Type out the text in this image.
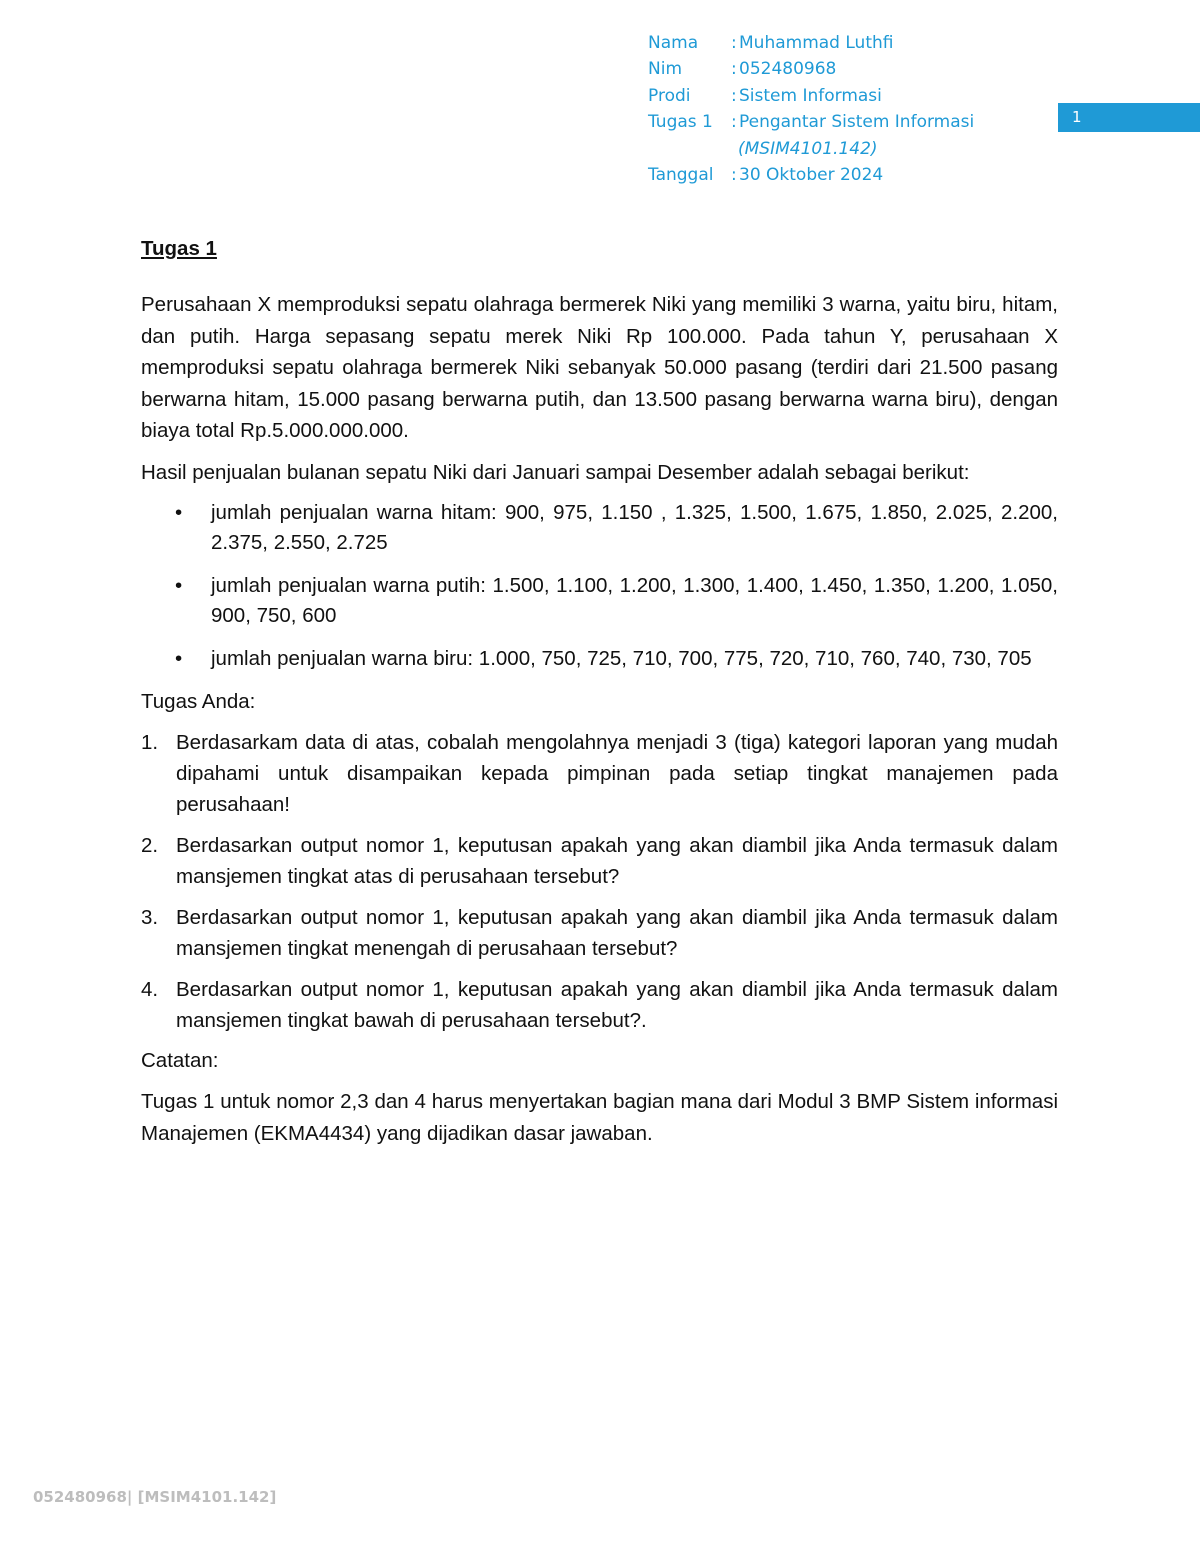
Nama : Muhammad Luthfi
Nim	: 052480968
Prodi : Sistem Informasi
Tugas 1 : Pengantar Sistem Informasi
(MSIM4101.142)
Tanggal : 30 Oktober 2024
1
Tugas 1

Perusahaan X memproduksi sepatu olahraga bermerek Niki yang memiliki 3 warna, yaitu biru, hitam, dan putih. Harga sepasang sepatu merek Niki Rp 100.000. Pada tahun Y, perusahaan X memproduksi sepatu olahraga bermerek Niki sebanyak 50.000 pasang (terdiri dari 21.500 pasang berwarna hitam, 15.000 pasang berwarna putih, dan 13.500 pasang berwarna warna biru), dengan biaya total Rp.5.000.000.000.

Hasil penjualan bulanan sepatu Niki dari Januari sampai Desember adalah sebagai berikut:

• jumlah penjualan warna hitam: 900, 975, 1.150 , 1.325, 1.500, 1.675, 1.850, 2.025, 2.200, 2.375, 2.550, 2.725
• jumlah penjualan warna putih: 1.500, 1.100, 1.200, 1.300, 1.400, 1.450, 1.350, 1.200, 1.050, 900, 750, 600
• jumlah penjualan warna biru: 1.000, 750, 725, 710, 700, 775, 720, 710, 760, 740, 730, 705
Tugas Anda:
1. Berdasarkam data di atas, cobalah mengolahnya menjadi 3 (tiga) kategori laporan yang mudah dipahami untuk disampaikan kepada pimpinan pada setiap tingkat manajemen pada perusahaan!
2. Berdasarkan output nomor 1, keputusan apakah yang akan diambil jika Anda termasuk dalam mansjemen tingkat atas di perusahaan tersebut?
3. Berdasarkan output nomor 1, keputusan apakah yang akan diambil jika Anda termasuk dalam mansjemen tingkat menengah di perusahaan tersebut?
4. Berdasarkan output nomor 1, keputusan apakah yang akan diambil jika Anda termasuk dalam mansjemen tingkat bawah di perusahaan tersebut?.
Catatan:

Tugas 1 untuk nomor 2,3 dan 4 harus menyertakan bagian mana dari Modul 3 BMP Sistem informasi Manajemen (EKMA4434) yang dijadikan dasar jawaban.

052480968| [MSIM4101.142]
